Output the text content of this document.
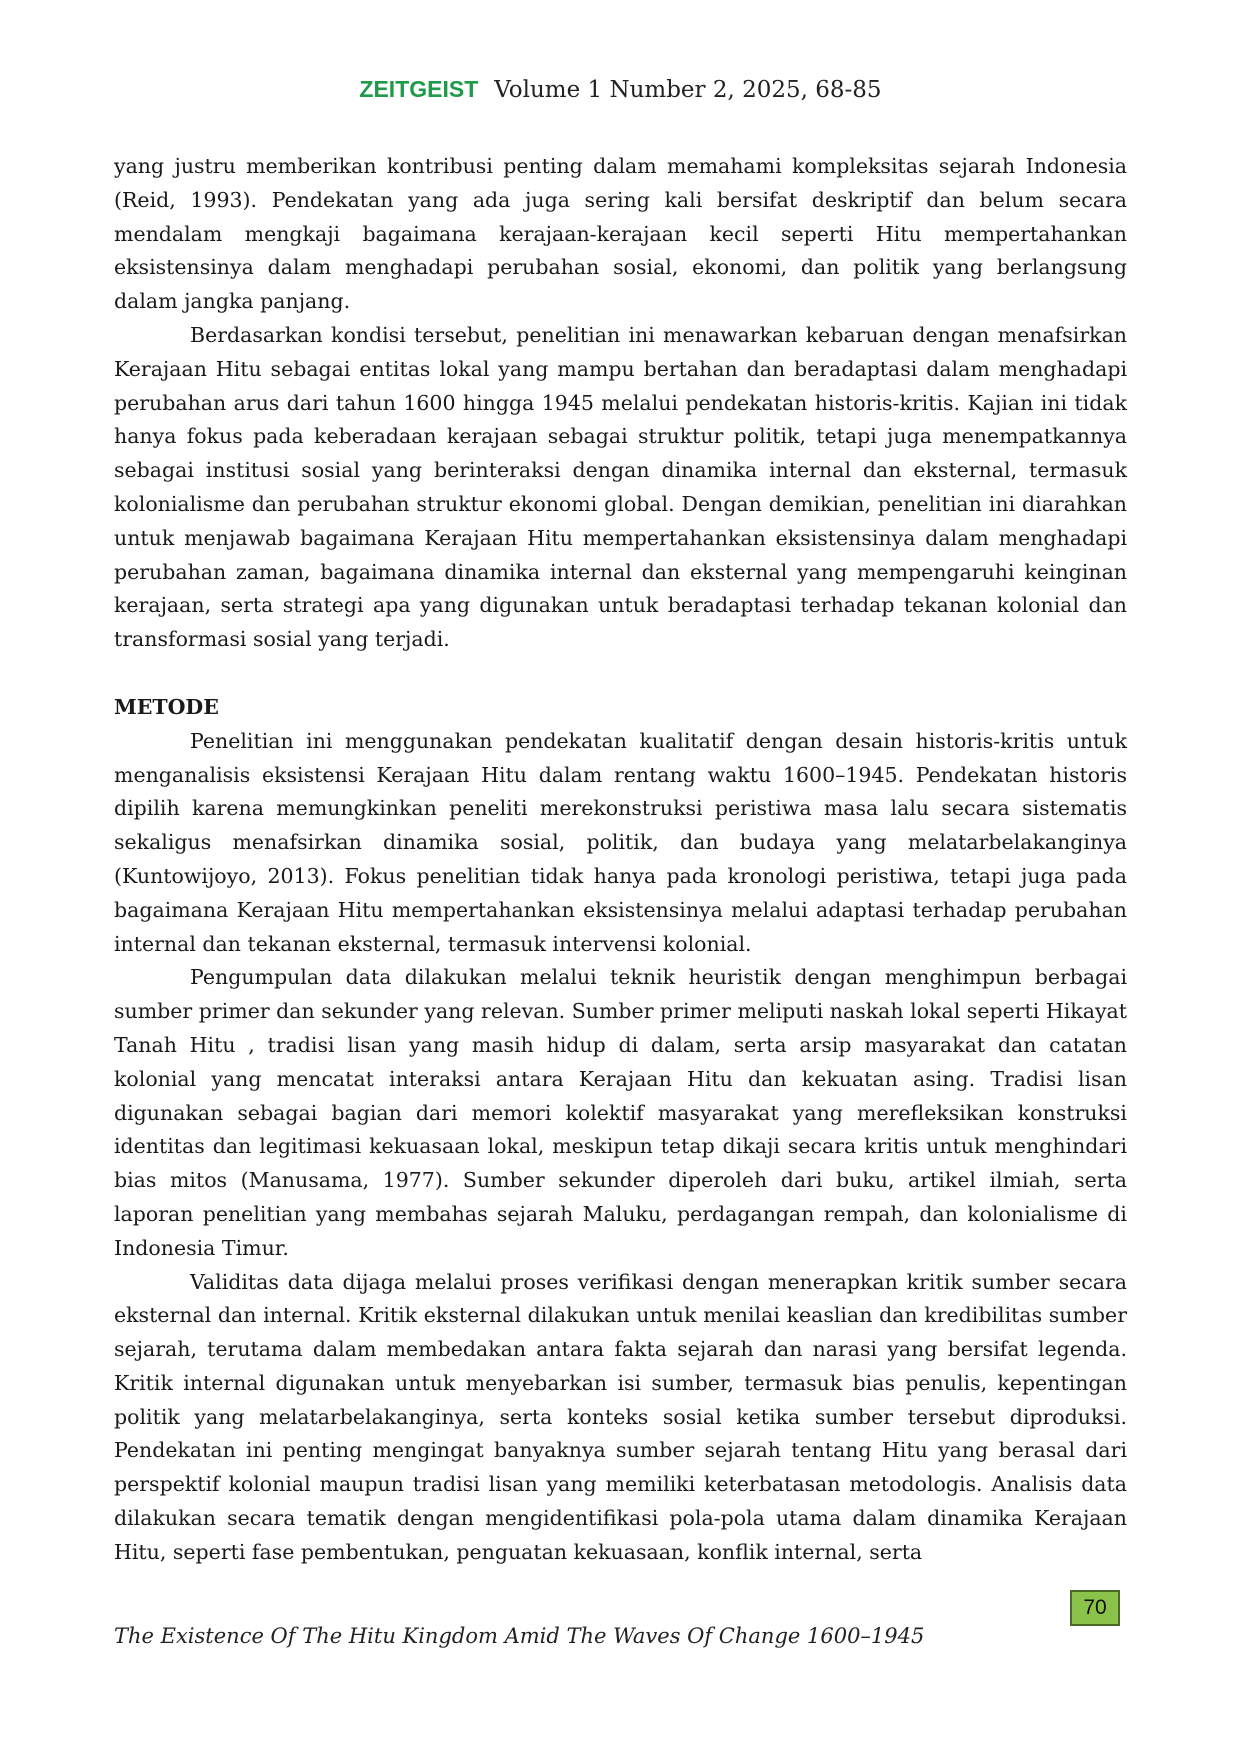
ZEITGEIST Volume 1 Number 2, 2025, 68-85

yang justru memberikan kontribusi penting dalam memahami kompleksitas sejarah Indonesia (Reid, 1993). Pendekatan yang ada juga sering kali bersifat deskriptif dan belum secara mendalam mengkaji bagaimana kerajaan-kerajaan kecil seperti Hitu mempertahankan eksistensinya dalam menghadapi perubahan sosial, ekonomi, dan politik yang berlangsung dalam jangka panjang.

Berdasarkan kondisi tersebut, penelitian ini menawarkan kebaruan dengan menafsirkan Kerajaan Hitu sebagai entitas lokal yang mampu bertahan dan beradaptasi dalam menghadapi perubahan arus dari tahun 1600 hingga 1945 melalui pendekatan historis-kritis. Kajian ini tidak hanya fokus pada keberadaan kerajaan sebagai struktur politik, tetapi juga menempatkannya sebagai institusi sosial yang berinteraksi dengan dinamika internal dan eksternal, termasuk kolonialisme dan perubahan struktur ekonomi global. Dengan demikian, penelitian ini diarahkan untuk menjawab bagaimana Kerajaan Hitu mempertahankan eksistensinya dalam menghadapi perubahan zaman, bagaimana dinamika internal dan eksternal yang mempengaruhi keinginan kerajaan, serta strategi apa yang digunakan untuk beradaptasi terhadap tekanan kolonial dan transformasi sosial yang terjadi.

METODE

Penelitian ini menggunakan pendekatan kualitatif dengan desain historis-kritis untuk menganalisis eksistensi Kerajaan Hitu dalam rentang waktu 1600–1945. Pendekatan historis dipilih karena memungkinkan peneliti merekonstruksi peristiwa masa lalu secara sistematis sekaligus menafsirkan dinamika sosial, politik, dan budaya yang melatarbelakanginya (Kuntowijoyo, 2013). Fokus penelitian tidak hanya pada kronologi peristiwa, tetapi juga pada bagaimana Kerajaan Hitu mempertahankan eksistensinya melalui adaptasi terhadap perubahan internal dan tekanan eksternal, termasuk intervensi kolonial.

Pengumpulan data dilakukan melalui teknik heuristik dengan menghimpun berbagai sumber primer dan sekunder yang relevan. Sumber primer meliputi naskah lokal seperti Hikayat Tanah Hitu , tradisi lisan yang masih hidup di dalam, serta arsip masyarakat dan catatan kolonial yang mencatat interaksi antara Kerajaan Hitu dan kekuatan asing. Tradisi lisan digunakan sebagai bagian dari memori kolektif masyarakat yang merefleksikan konstruksi identitas dan legitimasi kekuasaan lokal, meskipun tetap dikaji secara kritis untuk menghindari bias mitos (Manusama, 1977). Sumber sekunder diperoleh dari buku, artikel ilmiah, serta laporan penelitian yang membahas sejarah Maluku, perdagangan rempah, dan kolonialisme di Indonesia Timur.

Validitas data dijaga melalui proses verifikasi dengan menerapkan kritik sumber secara eksternal dan internal. Kritik eksternal dilakukan untuk menilai keaslian dan kredibilitas sumber sejarah, terutama dalam membedakan antara fakta sejarah dan narasi yang bersifat legenda. Kritik internal digunakan untuk menyebarkan isi sumber, termasuk bias penulis, kepentingan politik yang melatarbelakanginya, serta konteks sosial ketika sumber tersebut diproduksi. Pendekatan ini penting mengingat banyaknya sumber sejarah tentang Hitu yang berasal dari perspektif kolonial maupun tradisi lisan yang memiliki keterbatasan metodologis. Analisis data dilakukan secara tematik dengan mengidentifikasi pola-pola utama dalam dinamika Kerajaan Hitu, seperti fase pembentukan, penguatan kekuasaan, konflik internal, serta

70
The Existence Of The Hitu Kingdom Amid The Waves Of Change 1600–1945
